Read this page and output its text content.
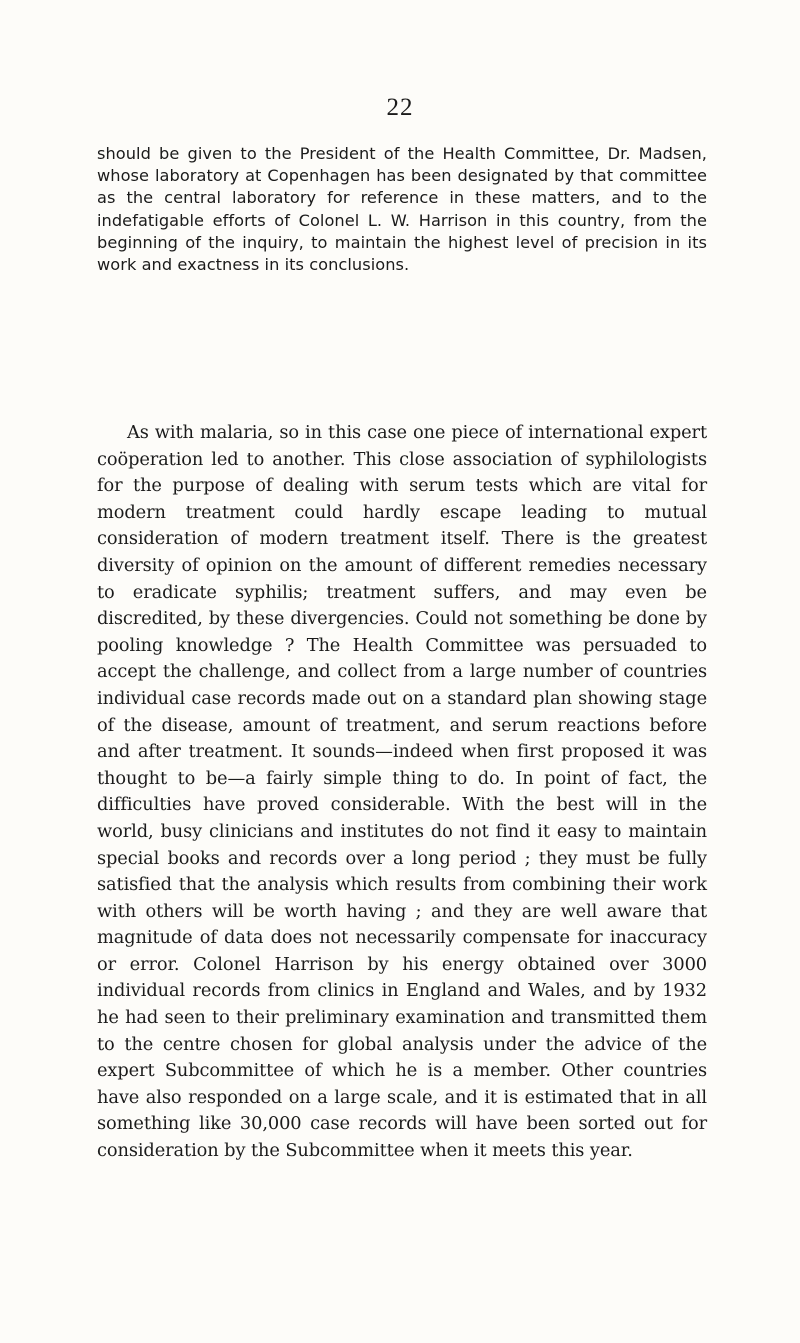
22

should be given to the President of the Health Committee, Dr. Madsen, whose laboratory at Copenhagen has been designated by that committee as the central laboratory for reference in these matters, and to the indefatigable efforts of Colonel L. W. Harrison in this country, from the beginning of the inquiry, to maintain the highest level of precision in its work and exactness in its conclusions.

As with malaria, so in this case one piece of international expert coöperation led to another. This close association of syphilologists for the purpose of dealing with serum tests which are vital for modern treatment could hardly escape leading to mutual consideration of modern treatment itself. There is the greatest diversity of opinion on the amount of different remedies necessary to eradicate syphilis; treatment suffers, and may even be discredited, by these divergencies. Could not something be done by pooling knowledge ? The Health Committee was persuaded to accept the challenge, and collect from a large number of countries individual case records made out on a standard plan showing stage of the disease, amount of treatment, and serum reactions before and after treatment. It sounds—indeed when first proposed it was thought to be—a fairly simple thing to do. In point of fact, the difficulties have proved considerable. With the best will in the world, busy clinicians and institutes do not find it easy to maintain special books and records over a long period ; they must be fully satisfied that the analysis which results from combining their work with others will be worth having ; and they are well aware that magnitude of data does not necessarily compensate for inaccuracy or error. Colonel Harrison by his energy obtained over 3000 individual records from clinics in England and Wales, and by 1932 he had seen to their preliminary examination and transmitted them to the centre chosen for global analysis under the advice of the expert Subcommittee of which he is a member. Other countries have also responded on a large scale, and it is estimated that in all something like 30,000 case records will have been sorted out for consideration by the Subcommittee when it meets this year.
